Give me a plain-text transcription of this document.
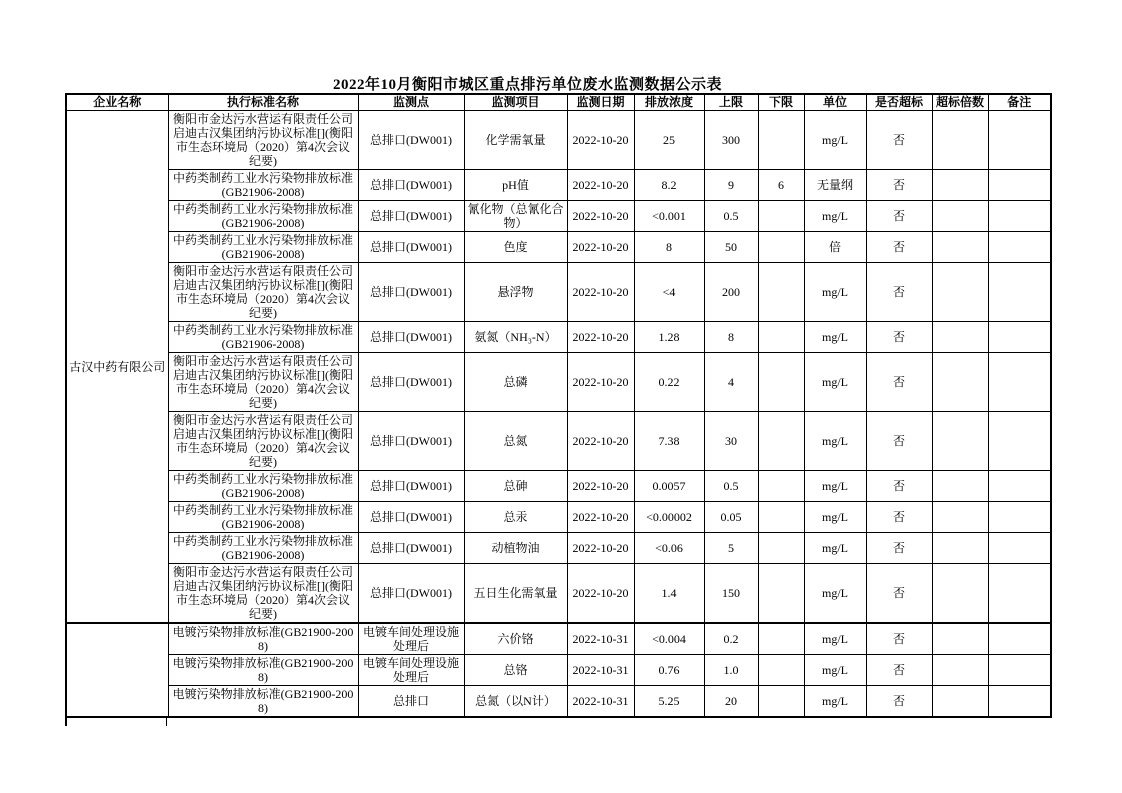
2022年10月衡阳市城区重点排污单位废水监测数据公示表
企业名称	执行标准名称	监测点	监测项目	监测日期	排放浓度	上限	下限	单位	是否超标	超标倍数	备注
古汉中药有限公司	衡阳市金达污水营运有限责任公司启迪古汉集团纳污协议标准[](衡阳市生态环境局（2020）第4次会议纪要)	总排口(DW001)	化学需氧量	2022-10-20	25	300		mg/L	否		
	中药类制药工业水污染物排放标准(GB21906-2008)	总排口(DW001)	pH值	2022-10-20	8.2	9	6	无量纲	否		
	中药类制药工业水污染物排放标准(GB21906-2008)	总排口(DW001)	氰化物（总氰化合物）	2022-10-20	<0.001	0.5		mg/L	否		
	中药类制药工业水污染物排放标准(GB21906-2008)	总排口(DW001)	色度	2022-10-20	8	50		倍	否		
	衡阳市金达污水营运有限责任公司启迪古汉集团纳污协议标准[](衡阳市生态环境局（2020）第4次会议纪要)	总排口(DW001)	悬浮物	2022-10-20	<4	200		mg/L	否		
	中药类制药工业水污染物排放标准(GB21906-2008)	总排口(DW001)	氨氮（NH₃-N）	2022-10-20	1.28	8		mg/L	否		
	衡阳市金达污水营运有限责任公司启迪古汉集团纳污协议标准[](衡阳市生态环境局（2020）第4次会议纪要)	总排口(DW001)	总磷	2022-10-20	0.22	4		mg/L	否		
	衡阳市金达污水营运有限责任公司启迪古汉集团纳污协议标准[](衡阳市生态环境局（2020）第4次会议纪要)	总排口(DW001)	总氮	2022-10-20	7.38	30		mg/L	否		
	中药类制药工业水污染物排放标准(GB21906-2008)	总排口(DW001)	总砷	2022-10-20	0.0057	0.5		mg/L	否		
	中药类制药工业水污染物排放标准(GB21906-2008)	总排口(DW001)	总汞	2022-10-20	<0.00002	0.05		mg/L	否		
	中药类制药工业水污染物排放标准(GB21906-2008)	总排口(DW001)	动植物油	2022-10-20	<0.06	5		mg/L	否		
	衡阳市金达污水营运有限责任公司启迪古汉集团纳污协议标准[](衡阳市生态环境局（2020）第4次会议纪要)	总排口(DW001)	五日生化需氧量	2022-10-20	1.4	150		mg/L	否		
	电镀污染物排放标准(GB21900-2008)	电镀车间处理设施处理后	六价铬	2022-10-31	<0.004	0.2		mg/L	否		
	电镀污染物排放标准(GB21900-2008)	电镀车间处理设施处理后	总铬	2022-10-31	0.76	1.0		mg/L	否		
	电镀污染物排放标准(GB21900-2008)	总排口	总氮（以N计）	2022-10-31	5.25	20		mg/L	否		
